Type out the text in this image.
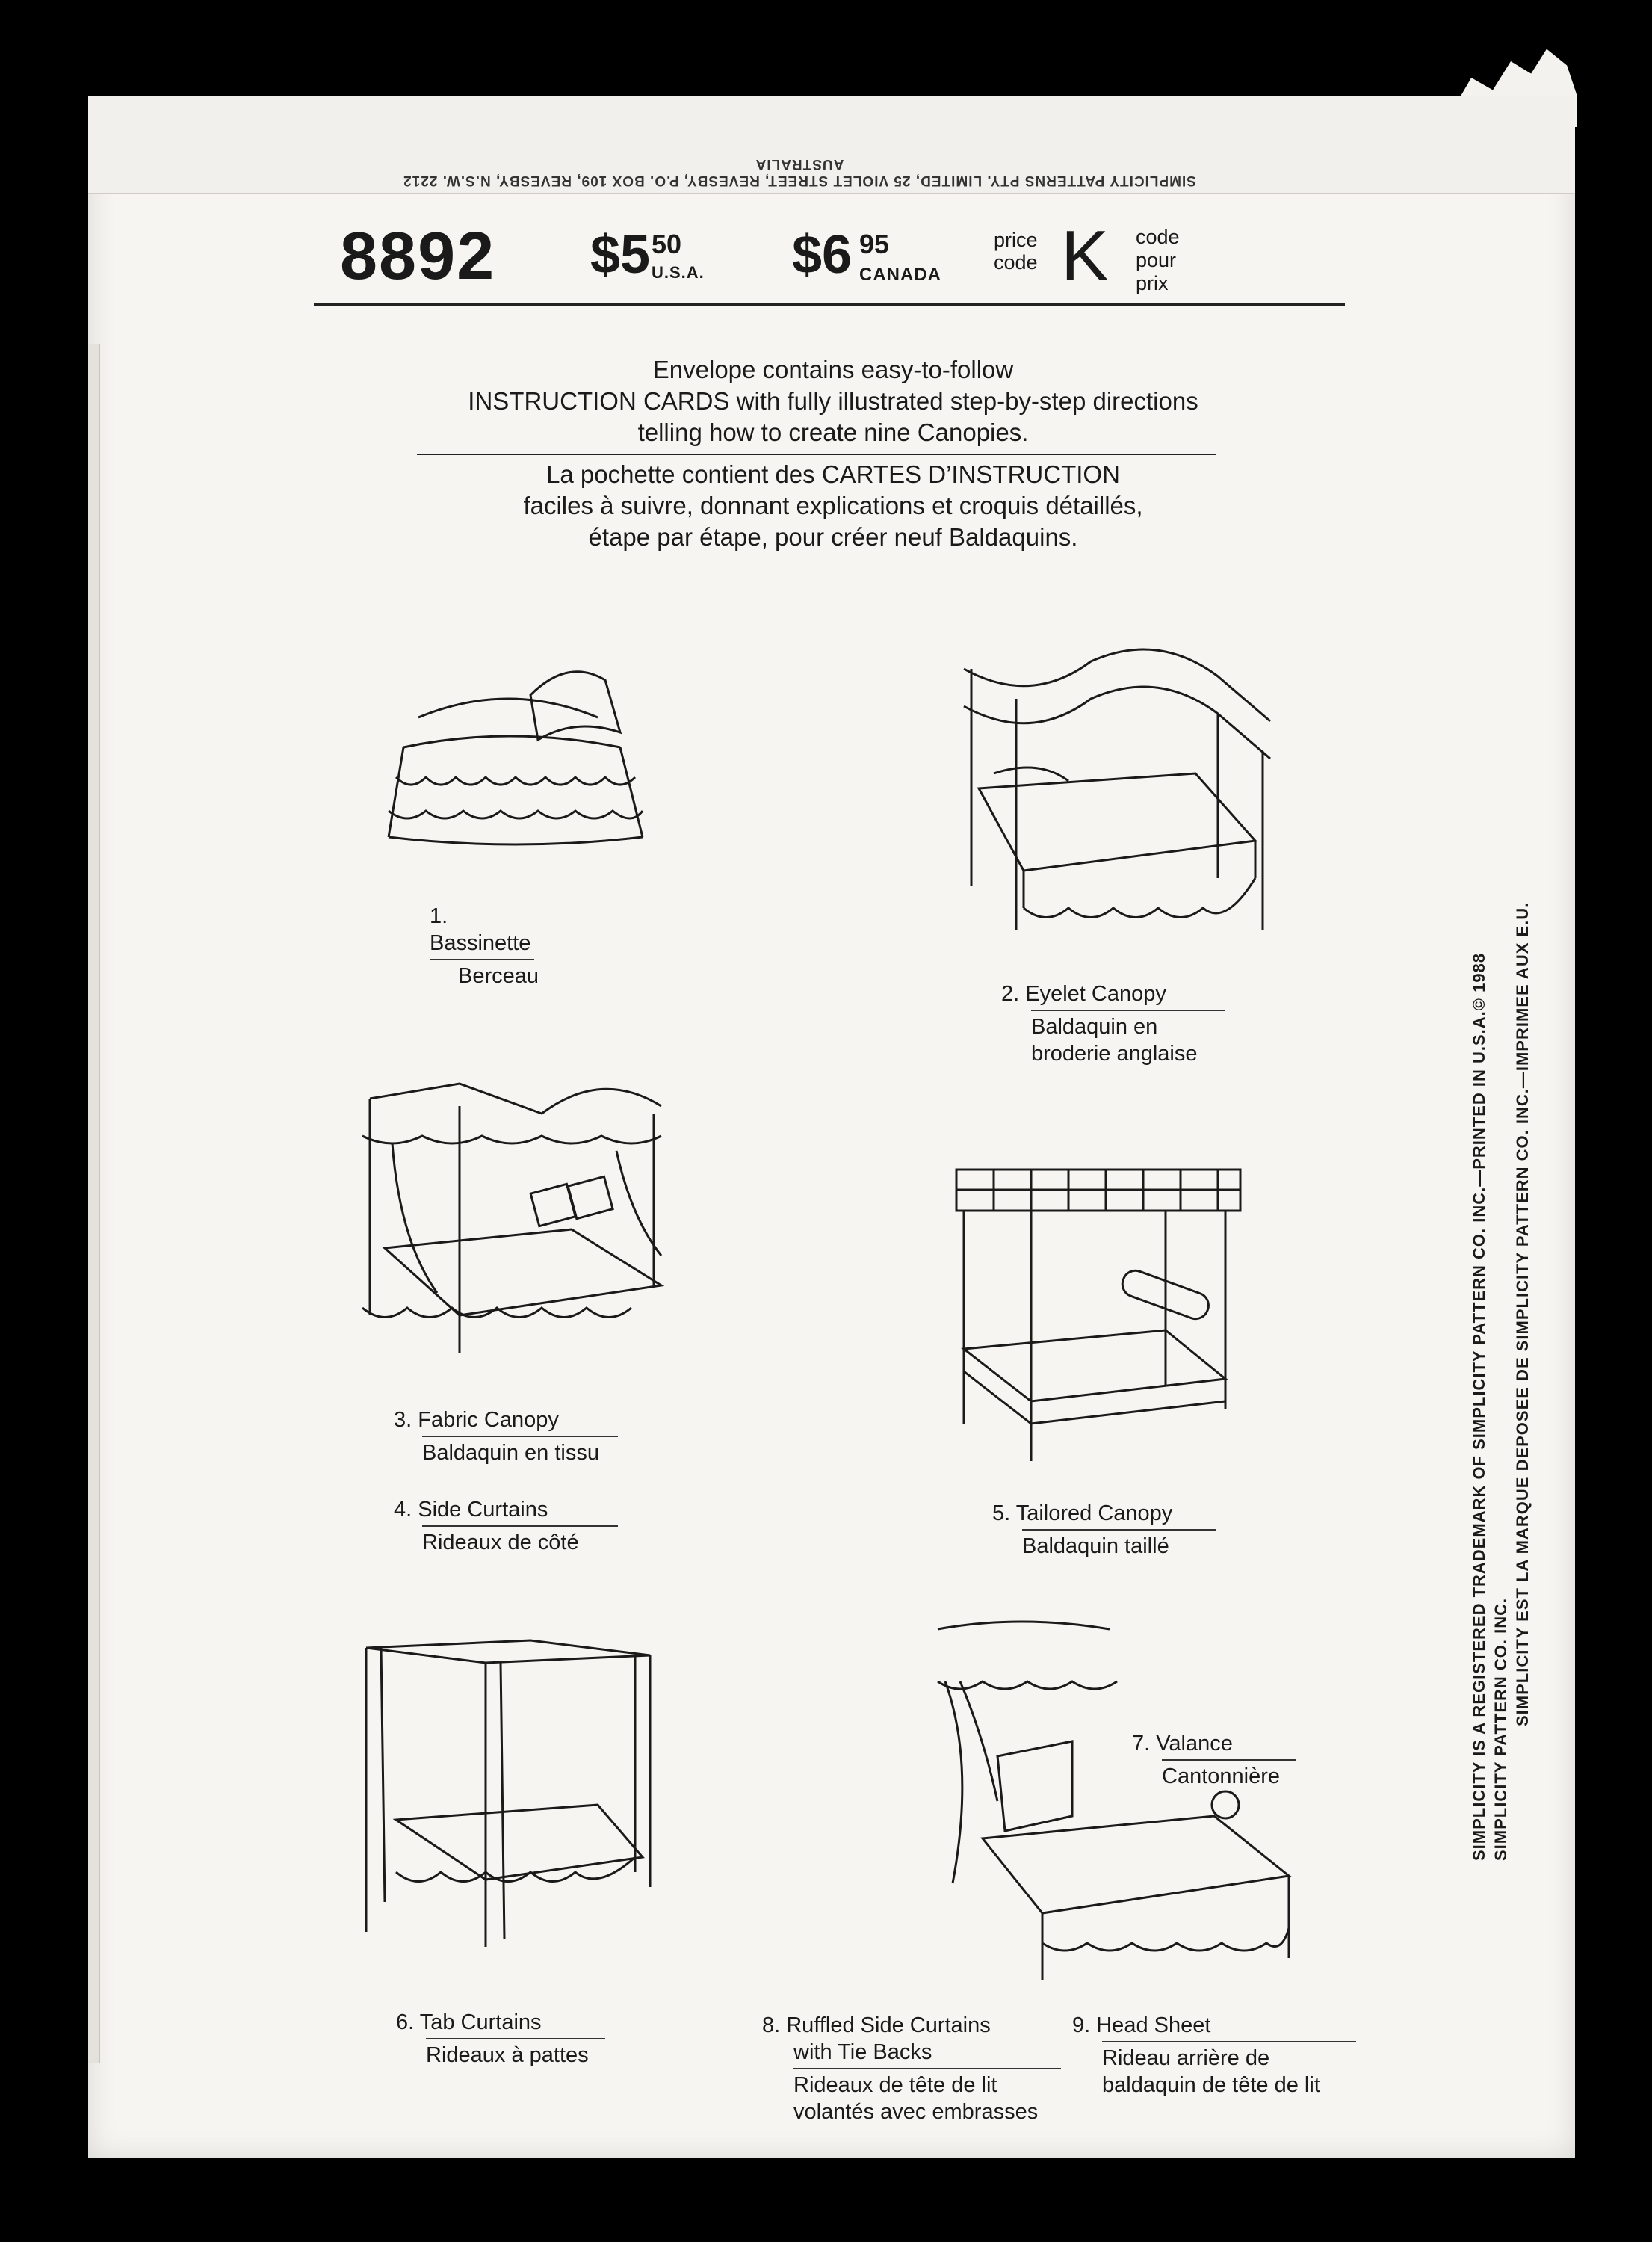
SIMPLICITY PATTERNS PTY. LIMITED, 25 VIOLET STREET, REVESBY, P.O. BOX 109, REVESBY, N.S.W. 2212 AUSTRALIA
8892 $5 50
U.S.A. $6 95
CANADA
price code K code pour prix
Envelope contains easy-to-follow
INSTRUCTION CARDS with fully illustrated step-by-step directions
telling how to create nine Canopies.
La pochette contient des CARTES D’INSTRUCTION
faciles à suivre, donnant explications et croquis détaillés,
étape par étape, pour créer neuf Baldaquins.
1. Bassinette
Berceau
2. Eyelet Canopy
Baldaquin en
broderie anglaise
3. Fabric Canopy
Baldaquin en tissu
4. Side Curtains
Rideaux de côté
5. Tailored Canopy
Baldaquin taillé
7. Valance
Cantonnière
6. Tab Curtains
Rideaux à pattes
8. Ruffled Side Curtains
with Tie Backs
Rideaux de tête de lit
volantés avec embrasses
9. Head Sheet
Rideau arrière de
baldaquin de tête de lit
SIMPLICITY IS A REGISTERED TRADEMARK OF SIMPLICITY PATTERN CO. INC.—PRINTED IN U.S.A.© 1988 SIMPLICITY PATTERN CO. INC.
SIMPLICITY EST LA MARQUE DEPOSEE DE SIMPLICITY PATTERN CO. INC.—IMPRIMEE AUX E.U.
